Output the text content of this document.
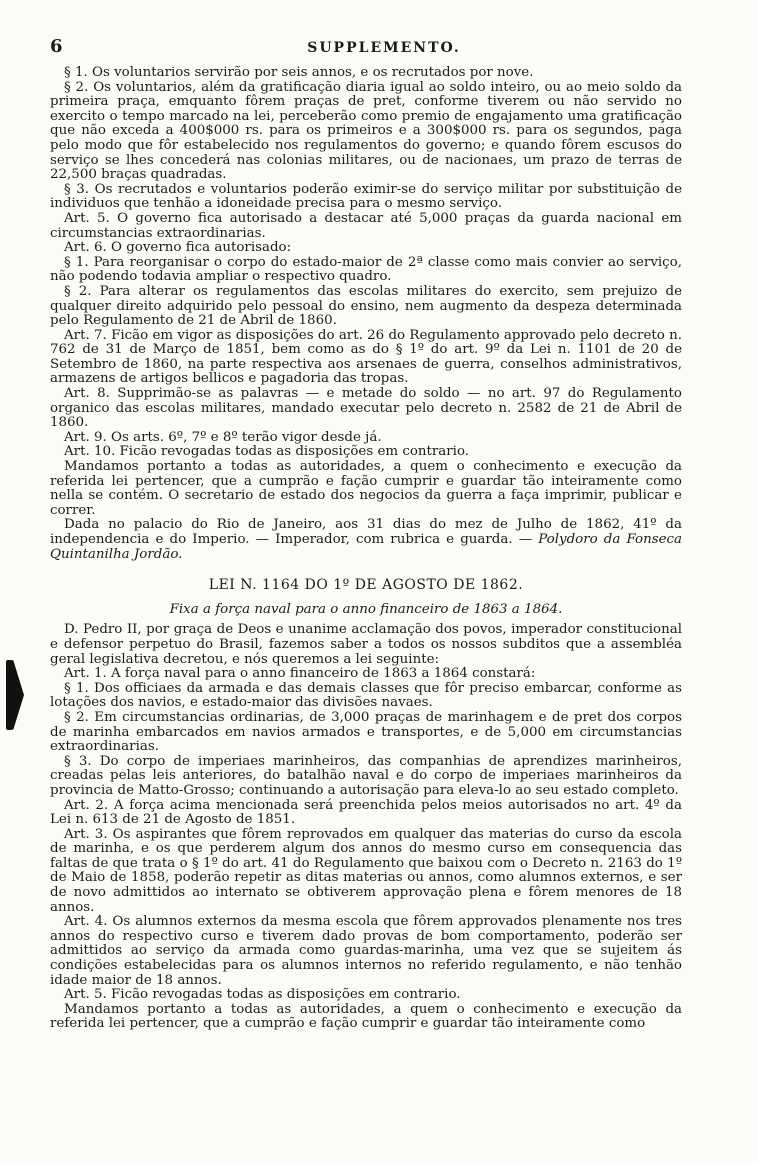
6	SUPPLEMENTO.

§ 1. Os voluntarios servirão por seis annos, e os recrutados por nove.

§ 2. Os voluntarios, além da gratificação diaria igual ao soldo inteiro, ou ao meio soldo da primeira praça, emquanto fôrem praças de pret, conforme tiverem ou não servido no exercito o tempo marcado na lei, perceberão como premio de engajamento uma gratificação que não exceda a 400$000 rs. para os primeiros e a 300$000 rs. para os segundos, paga pelo modo que fôr estabelecido nos regulamentos do governo; e quando fôrem escusos do serviço se lhes concederá nas colonias militares, ou de nacionaes, um prazo de terras de 22,500 braças quadradas.

§ 3. Os recrutados e voluntarios poderão eximir-se do serviço militar por substituição de individuos que tenhão a idoneidade precisa para o mesmo serviço.

Art. 5. O governo fica autorisado a destacar até 5,000 praças da guarda nacional em circumstancias extraordinarias.

Art. 6. O governo fica autorisado:

§ 1. Para reorganisar o corpo do estado-maior de 2ª classe como mais convier ao serviço, não podendo todavia ampliar o respectivo quadro.

§ 2. Para alterar os regulamentos das escolas militares do exercito, sem prejuizo de qualquer direito adquirido pelo pessoal do ensino, nem augmento da despeza determinada pelo Regulamento de 21 de Abril de 1860.

Art. 7. Ficão em vigor as disposições do art. 26 do Regulamento approvado pelo decreto n. 762 de 31 de Março de 1851, bem como as do § 1º do art. 9º da Lei n. 1101 de 20 de Setembro de 1860, na parte respectiva aos arsenaes de guerra, conselhos administrativos, armazens de artigos bellicos e pagadoria das tropas.

Art. 8. Supprimão-se as palavras — e metade do soldo — no art. 97 do Regulamento organico das escolas militares, mandado executar pelo decreto n. 2582 de 21 de Abril de 1860.

Art. 9. Os arts. 6º, 7º e 8º terão vigor desde já.

Art. 10. Ficão revogadas todas as disposições em contrario.

Mandamos portanto a todas as autoridades, a quem o conhecimento e execução da referida lei pertencer, que a cumprão e fação cumprir e guardar tão inteiramente como nella se contém. O secretario de estado dos negocios da guerra a faça imprimir, publicar e correr.

Dada no palacio do Rio de Janeiro, aos 31 dias do mez de Julho de 1862, 41º da independencia e do Imperio. — Imperador, com rubrica e guarda. — Polydoro da Fonseca Quintanilha Jordão.

LEI N. 1164 DO 1º DE AGOSTO DE 1862.

Fixa a força naval para o anno financeiro de 1863 a 1864.

D. Pedro II, por graça de Deos e unanime acclamação dos povos, imperador constitucional e defensor perpetuo do Brasil, fazemos saber a todos os nossos subditos que a assembléa geral legislativa decretou, e nós queremos a lei seguinte:

Art. 1. A força naval para o anno financeiro de 1863 a 1864 constará:

§ 1. Dos officiaes da armada e das demais classes que fôr preciso embarcar, conforme as lotações dos navios, e estado-maior das divisões navaes.

§ 2. Em circumstancias ordinarias, de 3,000 praças de marinhagem e de pret dos corpos de marinha embarcados em navios armados e transportes, e de 5,000 em circumstancias extraordinarias.

§ 3. Do corpo de imperiaes marinheiros, das companhias de aprendizes marinheiros, creadas pelas leis anteriores, do batalhão naval e do corpo de imperiaes marinheiros da provincia de Matto-Grosso; continuando a autorisação para eleva-lo ao seu estado completo.

Art. 2. A força acima mencionada será preenchida pelos meios autorisados no art. 4º da Lei n. 613 de 21 de Agosto de 1851.

Art. 3. Os aspirantes que fôrem reprovados em qualquer das materias do curso da escola de marinha, e os que perderem algum dos annos do mesmo curso em consequencia das faltas de que trata o § 1º do art. 41 do Regulamento que baixou com o Decreto n. 2163 do 1º de Maio de 1858, poderão repetir as ditas materias ou annos, como alumnos externos, e ser de novo admittidos ao internato se obtiverem approvação plena e fôrem menores de 18 annos.

Art. 4. Os alumnos externos da mesma escola que fôrem approvados plenamente nos tres annos do respectivo curso e tiverem dado provas de bom comportamento, poderão ser admittidos ao serviço da armada como guardas-marinha, uma vez que se sujeitem ás condições estabelecidas para os alumnos internos no referido regulamento, e não tenhão idade maior de 18 annos.

Art. 5. Ficão revogadas todas as disposições em contrario.

Mandamos portanto a todas as autoridades, a quem o conhecimento e execução da referida lei pertencer, que a cumprão e fação cumprir e guardar tão inteiramente como
